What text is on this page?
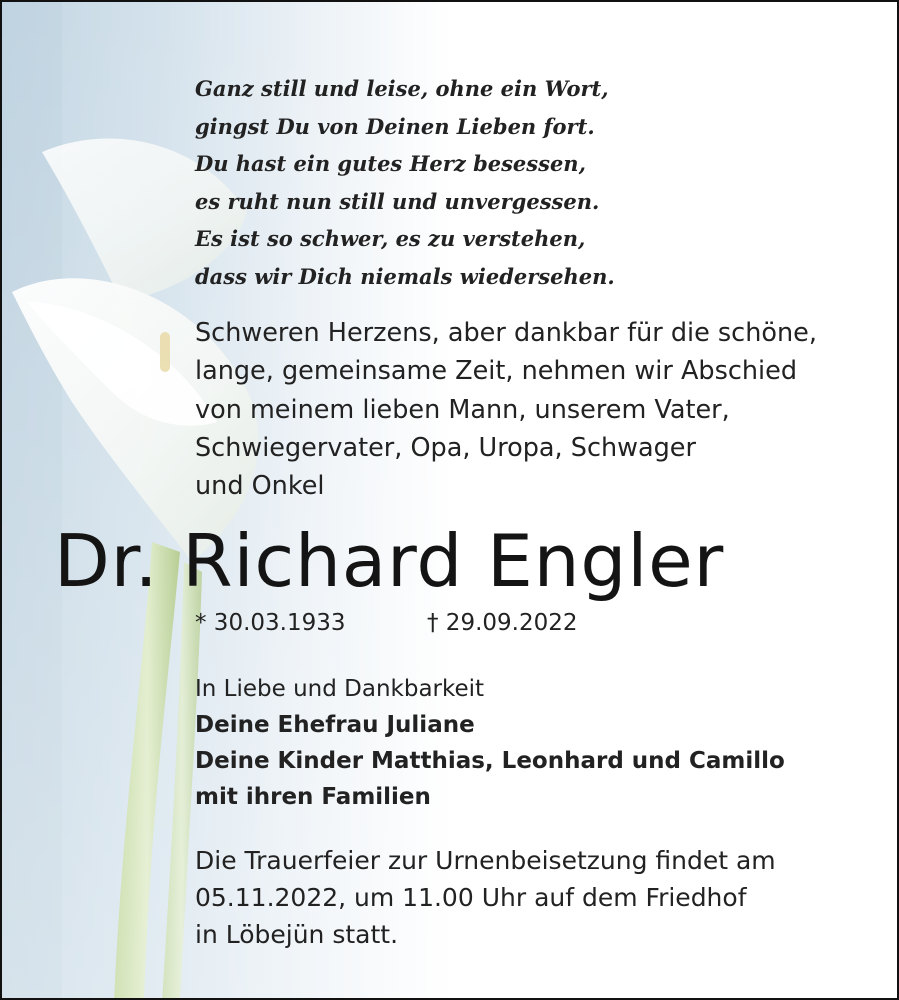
Ganz still und leise, ohne ein Wort,
gingst Du von Deinen Lieben fort.
Du hast ein gutes Herz besessen,
es ruht nun still und unvergessen.
Es ist so schwer, es zu verstehen,
dass wir Dich niemals wiedersehen.

Schweren Herzens, aber dankbar für die schöne,
lange, gemeinsame Zeit, nehmen wir Abschied
von meinem lieben Mann, unserem Vater,
Schwiegervater, Opa, Uropa, Schwager
und Onkel

Dr. Richard Engler
* 30.03.1933	† 29.09.2022

In Liebe und Dankbarkeit
Deine Ehefrau Juliane
Deine Kinder Matthias, Leonhard und Camillo
mit ihren Familien

Die Trauerfeier zur Urnenbeisetzung findet am
05.11.2022, um 11.00 Uhr auf dem Friedhof
in Löbejün statt.
